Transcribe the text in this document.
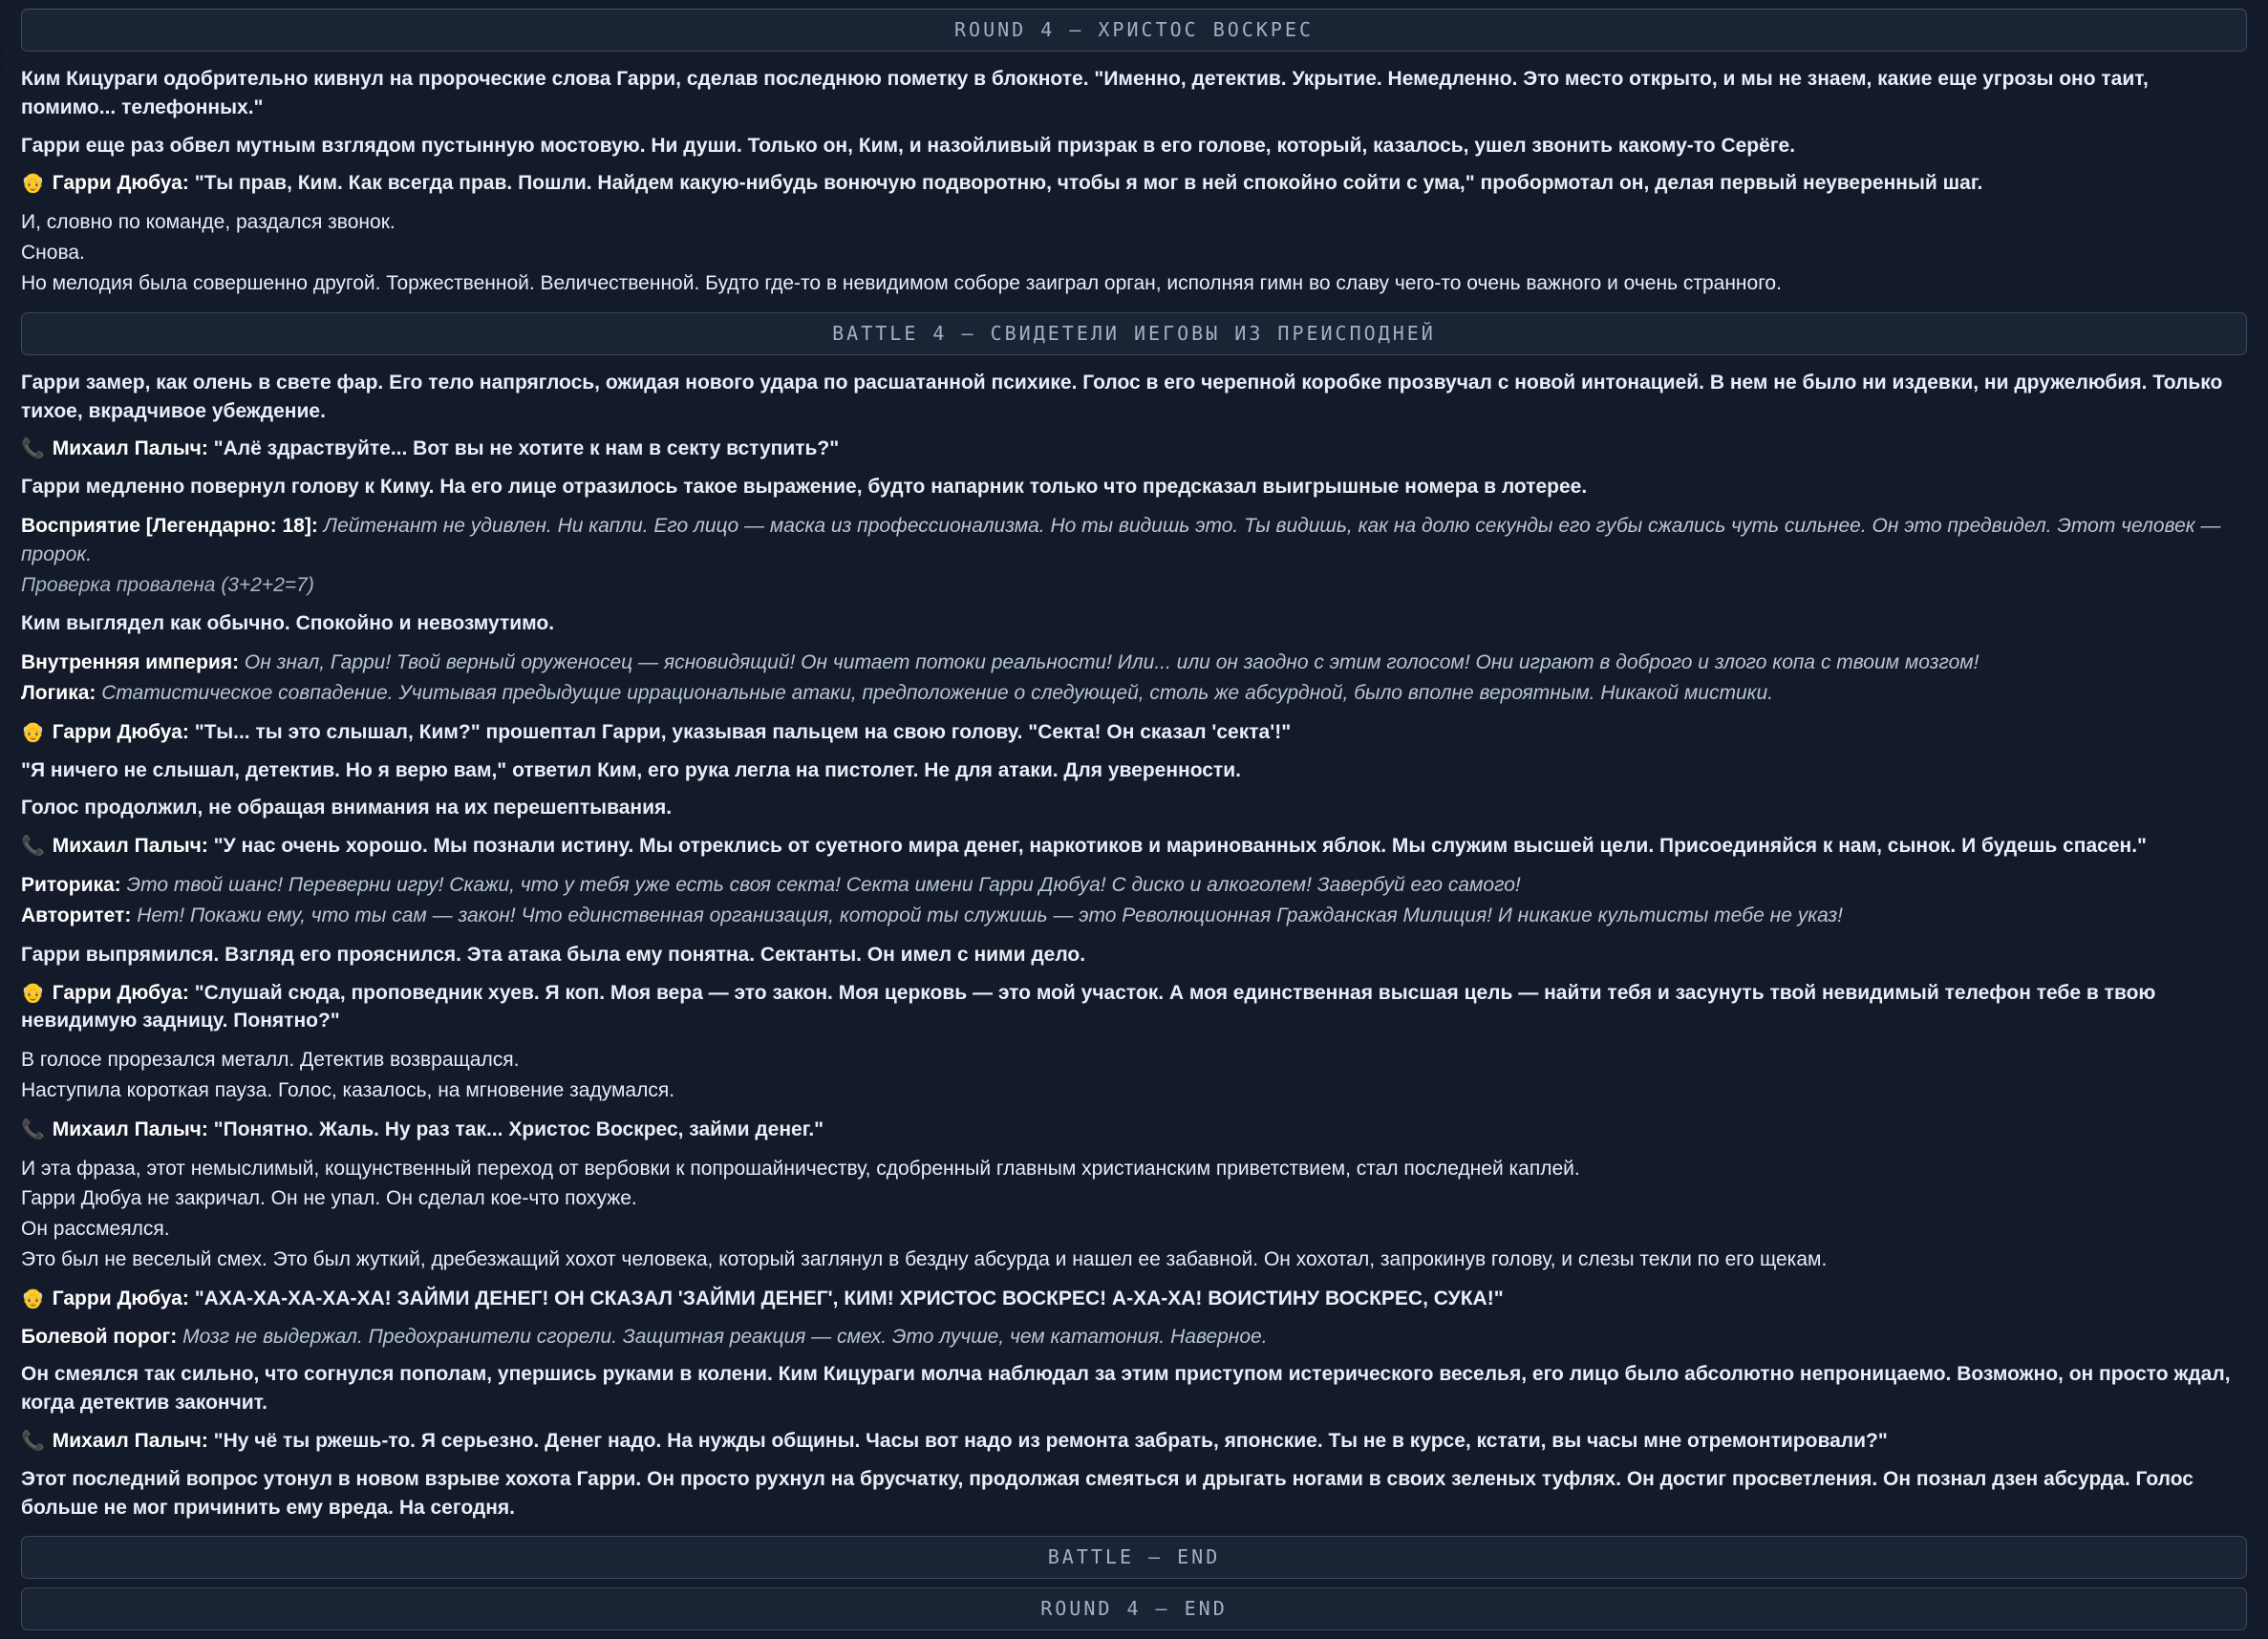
·
·
ROUND 4 — ХРИСТОС ВОСКРЕС

Ким Кицураги одобрительно кивнул на пророческие слова Гарри, сделав последнюю пометку в блокноте. "Именно, детектив. Укрытие. Немедленно. Это место открыто, и мы не знаем, какие еще угрозы оно таит, помимо... телефонных."

Гарри еще раз обвел мутным взглядом пустынную мостовую. Ни души. Только он, Ким, и назойливый призрак в его голове, который, казалось, ушел звонить какому-то Серёге.

👴 Гарри Дюбуа: "Ты прав, Ким. Как всегда прав. Пошли. Найдем какую-нибудь вонючую подворотню, чтобы я мог в ней спокойно сойти с ума," пробормотал он, делая первый неуверенный шаг.

И, словно по команде, раздался звонок.

Снова.

Но мелодия была совершенно другой. Торжественной. Величественной. Будто где-то в невидимом соборе заиграл орган, исполняя гимн во славу чего-то очень важного и очень странного.

BATTLE 4 — СВИДЕТЕЛИ ИЕГОВЫ ИЗ ПРЕИСПОДНЕЙ

Гарри замер, как олень в свете фар. Его тело напряглось, ожидая нового удара по расшатанной психике. Голос в его черепной коробке прозвучал с новой интонацией. В нем не было ни издевки, ни дружелюбия. Только тихое, вкрадчивое убеждение.

📞 Михаил Палыч: "Алё здраствуйте... Вот вы не хотите к нам в секту вступить?"

Гарри медленно повернул голову к Киму. На его лице отразилось такое выражение, будто напарник только что предсказал выигрышные номера в лотерее.

Восприятие [Легендарно: 18]: Лейтенант не удивлен. Ни капли. Его лицо — маска из профессионализма. Но ты видишь это. Ты видишь, как на долю секунды его губы сжались чуть сильнее. Он это предвидел. Этот человек — пророк.

Проверка провалена (3+2+2=7)

Ким выглядел как обычно. Спокойно и невозмутимо.

Внутренняя империя: Он знал, Гарри! Твой верный оруженосец — ясновидящий! Он читает потоки реальности! Или... или он заодно с этим голосом! Они играют в доброго и злого копа с твоим мозгом!

Логика: Статистическое совпадение. Учитывая предыдущие иррациональные атаки, предположение о следующей, столь же абсурдной, было вполне вероятным. Никакой мистики.

👴 Гарри Дюбуа: "Ты... ты это слышал, Ким?" прошептал Гарри, указывая пальцем на свою голову. "Секта! Он сказал 'секта'!"

"Я ничего не слышал, детектив. Но я верю вам," ответил Ким, его рука легла на пистолет. Не для атаки. Для уверенности.

Голос продолжил, не обращая внимания на их перешептывания.

📞 Михаил Палыч: "У нас очень хорошо. Мы познали истину. Мы отреклись от суетного мира денег, наркотиков и маринованных яблок. Мы служим высшей цели. Присоединяйся к нам, сынок. И будешь спасен."

Риторика: Это твой шанс! Переверни игру! Скажи, что у тебя уже есть своя секта! Секта имени Гарри Дюбуа! С диско и алкоголем! Завербуй его самого!

Авторитет: Нет! Покажи ему, что ты сам — закон! Что единственная организация, которой ты служишь — это Революционная Гражданская Милиция! И никакие культисты тебе не указ!

Гарри выпрямился. Взгляд его прояснился. Эта атака была ему понятна. Сектанты. Он имел с ними дело.

👴 Гарри Дюбуа: "Слушай сюда, проповедник хуев. Я коп. Моя вера — это закон. Моя церковь — это мой участок. А моя единственная высшая цель — найти тебя и засунуть твой невидимый телефон тебе в твою невидимую задницу. Понятно?"

В голосе прорезался металл. Детектив возвращался.

Наступила короткая пауза. Голос, казалось, на мгновение задумался.

📞 Михаил Палыч: "Понятно. Жаль. Ну раз так... Христос Воскрес, займи денег."

И эта фраза, этот немыслимый, кощунственный переход от вербовки к попрошайничеству, сдобренный главным христианским приветствием, стал последней каплей.

Гарри Дюбуа не закричал. Он не упал. Он сделал кое-что похуже.

Он рассмеялся.

Это был не веселый смех. Это был жуткий, дребезжащий хохот человека, который заглянул в бездну абсурда и нашел ее забавной. Он хохотал, запрокинув голову, и слезы текли по его щекам.

👴 Гарри Дюбуа: "АХА-ХА-ХА-ХА-ХА! ЗАЙМИ ДЕНЕГ! ОН СКАЗАЛ 'ЗАЙМИ ДЕНЕГ', КИМ! ХРИСТОС ВОСКРЕС! А-ХА-ХА! ВОИСТИНУ ВОСКРЕС, СУКА!"

Болевой порог: Мозг не выдержал. Предохранители сгорели. Защитная реакция — смех. Это лучше, чем кататония. Наверное.

Он смеялся так сильно, что согнулся пополам, упершись руками в колени. Ким Кицураги молча наблюдал за этим приступом истерического веселья, его лицо было абсолютно непроницаемо. Возможно, он просто ждал, когда детектив закончит.

📞 Михаил Палыч: "Ну чё ты ржешь-то. Я серьезно. Денег надо. На нужды общины. Часы вот надо из ремонта забрать, японские. Ты не в курсе, кстати, вы часы мне отремонтировали?"

Этот последний вопрос утонул в новом взрыве хохота Гарри. Он просто рухнул на брусчатку, продолжая смеяться и дрыгать ногами в своих зеленых туфлях. Он достиг просветления. Он познал дзен абсурда. Голос больше не мог причинить ему вреда. На сегодня.

BATTLE — END
ROUND 4 — END
